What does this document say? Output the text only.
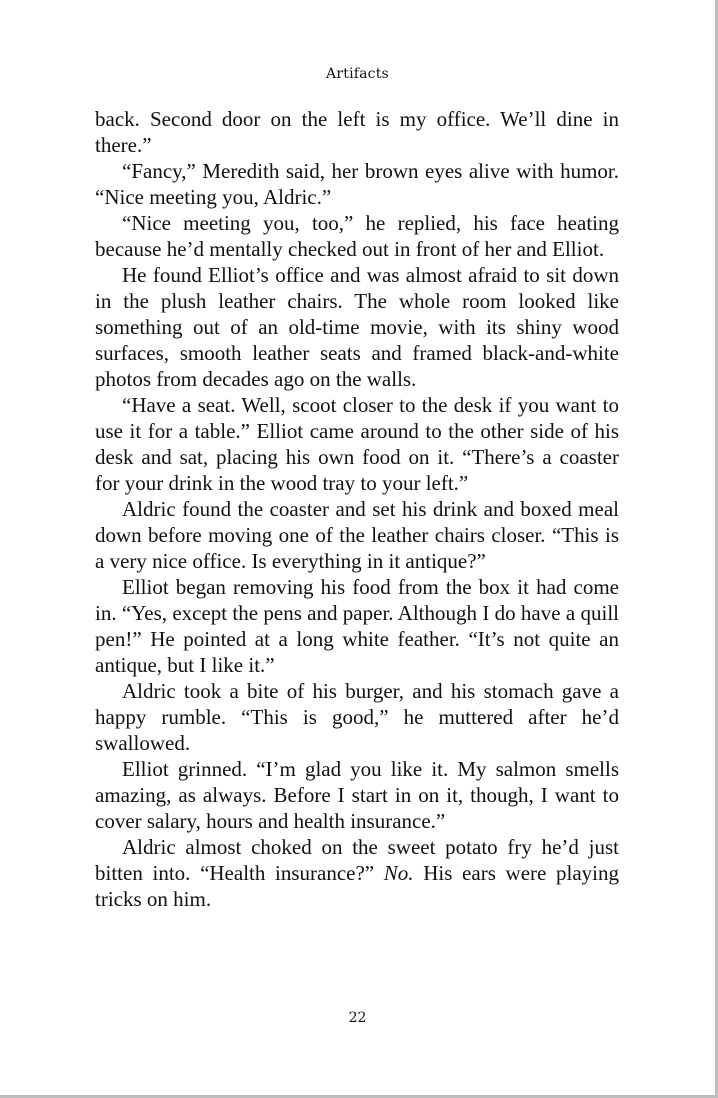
Artifacts

back. Second door on the left is my office. We’ll dine in there.”

“Fancy,” Meredith said, her brown eyes alive with humor. “Nice meeting you, Aldric.”

“Nice meeting you, too,” he replied, his face heating because he’d mentally checked out in front of her and Elliot.

He found Elliot’s office and was almost afraid to sit down in the plush leather chairs. The whole room looked like something out of an old-time movie, with its shiny wood surfaces, smooth leather seats and framed black-and-white photos from decades ago on the walls.

“Have a seat. Well, scoot closer to the desk if you want to use it for a table.” Elliot came around to the other side of his desk and sat, placing his own food on it. “There’s a coaster for your drink in the wood tray to your left.”

Aldric found the coaster and set his drink and boxed meal down before moving one of the leather chairs closer. “This is a very nice office. Is everything in it antique?”

Elliot began removing his food from the box it had come in. “Yes, except the pens and paper. Although I do have a quill pen!” He pointed at a long white feather. “It’s not quite an antique, but I like it.”

Aldric took a bite of his burger, and his stomach gave a happy rumble. “This is good,” he muttered after he’d swallowed.

Elliot grinned. “I’m glad you like it. My salmon smells amazing, as always. Before I start in on it, though, I want to cover salary, hours and health insurance.”

Aldric almost choked on the sweet potato fry he’d just bitten into. “Health insurance?” No. His ears were playing tricks on him.

22
